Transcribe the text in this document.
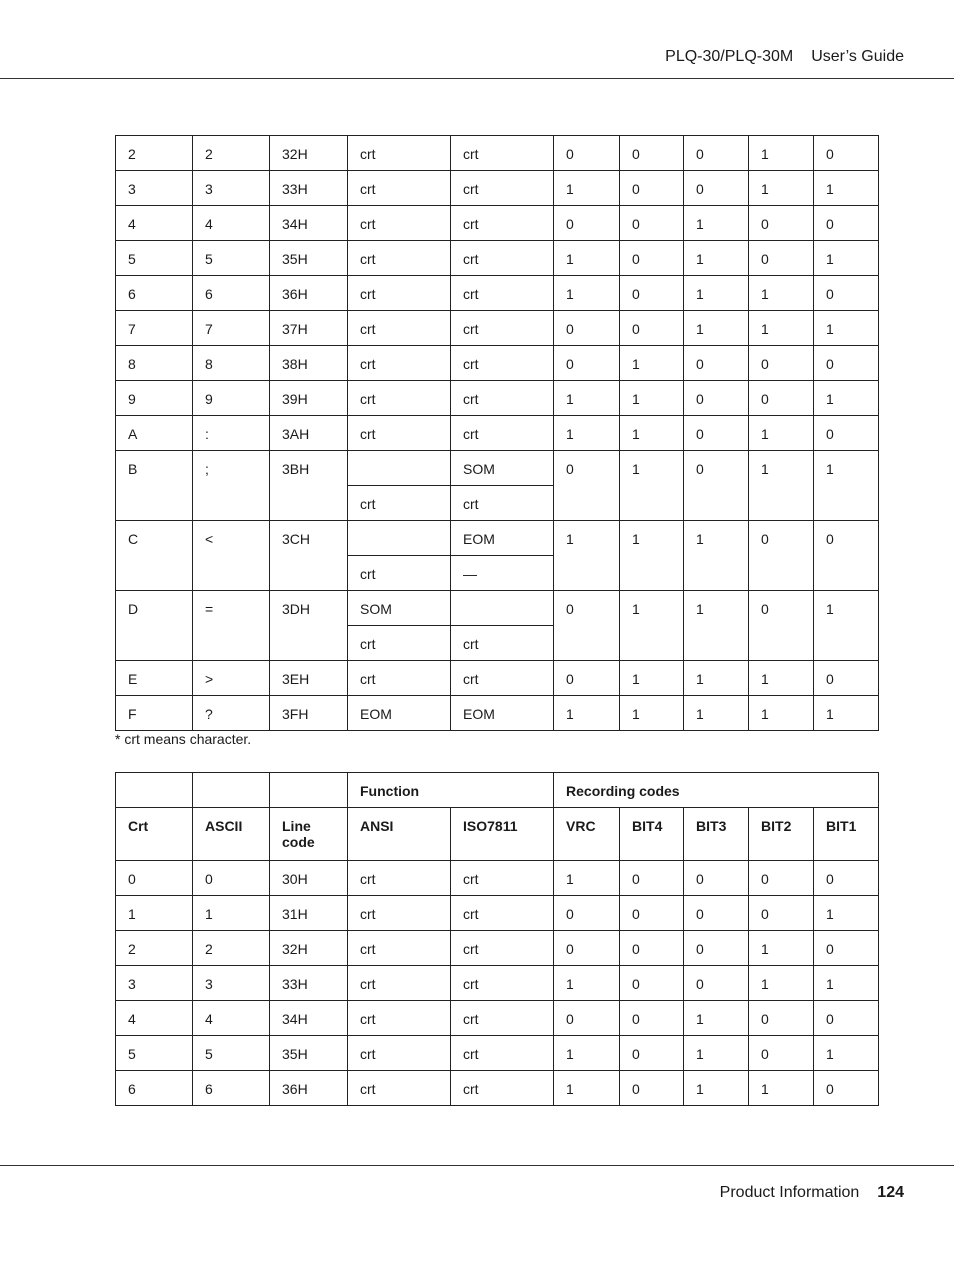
PLQ-30/PLQ-30M User’s Guide
2	2	32H	crt	crt	0	0	0	1	0
3	3	33H	crt	crt	1	0	0	1	1
4	4	34H	crt	crt	0	0	1	0	0
5	5	35H	crt	crt	1	0	1	0	1
6	6	36H	crt	crt	1	0	1	1	0
7	7	37H	crt	crt	0	0	1	1	1
8	8	38H	crt	crt	0	1	0	0	0
9	9	39H	crt	crt	1	1	0	0	1
A	:	3AH	crt	crt	1	1	0	1	0
B	;	3BH		SOM	0	1	0	1	1
			crt	crt					
C	<	3CH		EOM	1	1	1	0	0
			crt	—					
D	=	3DH	SOM		0	1	1	0	1
			crt	crt					
E	>	3EH	crt	crt	0	1	1	1	0
F	?	3FH	EOM	EOM	1	1	1	1	1
* crt means character.
			Function		Recording codes				
Crt	ASCII	Line code	ANSI	ISO7811	VRC	BIT4	BIT3	BIT2	BIT1
0	0	30H	crt	crt	1	0	0	0	0
1	1	31H	crt	crt	0	0	0	0	1
2	2	32H	crt	crt	0	0	0	1	0
3	3	33H	crt	crt	1	0	0	1	1
4	4	34H	crt	crt	0	0	1	0	0
5	5	35H	crt	crt	1	0	1	0	1
6	6	36H	crt	crt	1	0	1	1	0
Product Information 124
